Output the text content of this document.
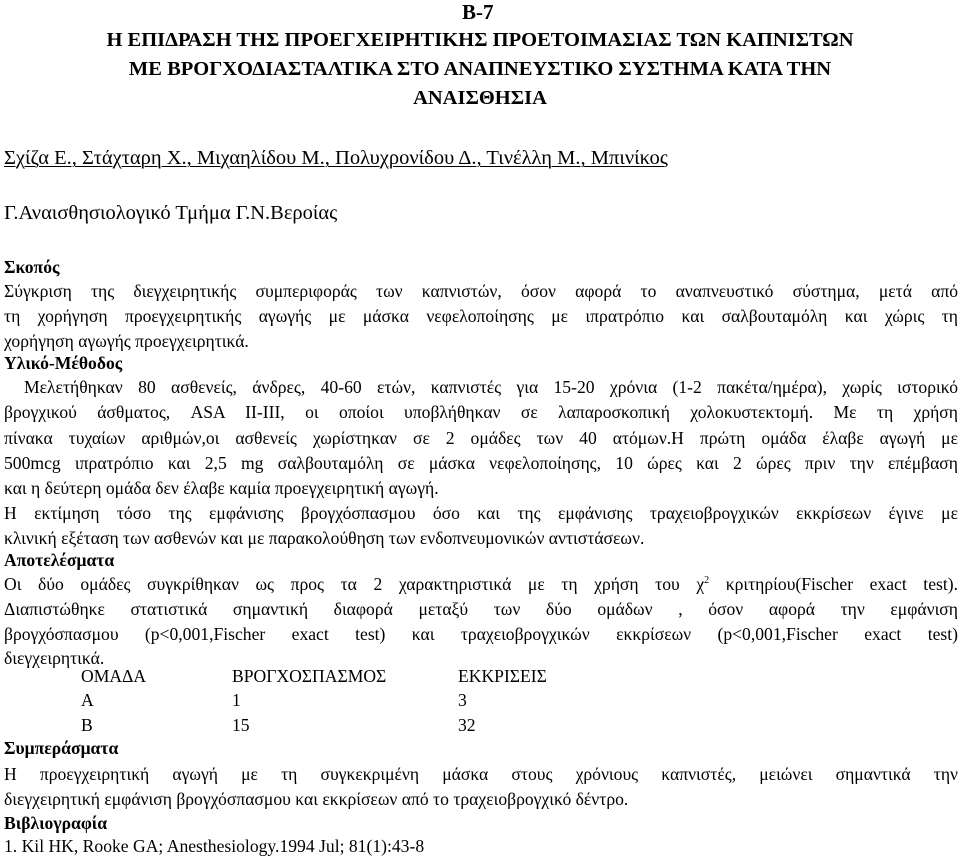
Β-7
Η ΕΠΙΔΡΑΣΗ ΤΗΣ ΠΡΟΕΓΧΕΙΡΗΤΙΚΗΣ ΠΡΟΕΤΟΙΜΑΣΙΑΣ ΤΩΝ ΚΑΠΝΙΣΤΩΝ
ΜΕ ΒΡΟΓΧΟΔΙΑΣΤΑΛΤΙΚΑ ΣΤΟ ΑΝΑΠΝΕΥΣΤΙΚΟ ΣΥΣΤΗΜΑ ΚΑΤΑ ΤΗΝ
ΑΝΑΙΣΘΗΣΙΑ
Σχίζα Ε., Στάχταρη Χ., Μιχαηλίδου Μ., Πολυχρονίδου Δ., Τινέλλη Μ., Μπινίκος
Γ.Αναισθησιολογικό Τμήμα Γ.Ν.Βεροίας
Σκοπός
Σύγκριση της διεγχειρητικής συμπεριφοράς των καπνιστών, όσον αφορά το αναπνευστικό σύστημα, μετά από
τη χορήγηση προεγχειρητικής αγωγής με μάσκα νεφελοποίησης με ιπρατρόπιο και σαλβουταμόλη και χώρις τη
χορήγηση αγωγής προεγχειρητικά.
Υλικό-Μέθοδος
Μελετήθηκαν 80 ασθενείς, άνδρες, 40-60 ετών, καπνιστές για 15-20 χρόνια (1-2 πακέτα/ημέρα), χωρίς ιστορικό
βρογχικού άσθματος, ASA II-III, οι οποίοι υποβλήθηκαν σε λαπαροσκοπική χολοκυστεκτομή. Με τη χρήση
πίνακα τυχαίων αριθμών,οι ασθενείς χωρίστηκαν σε 2 ομάδες των 40 ατόμων.Η πρώτη ομάδα έλαβε αγωγή με
500mcg ιπρατρόπιο και 2,5 mg σαλβουταμόλη σε μάσκα νεφελοποίησης, 10 ώρες και 2 ώρες πριν την επέμβαση
και η δεύτερη ομάδα δεν έλαβε καμία προεγχειρητική αγωγή.
Η εκτίμηση τόσο της εμφάνισης βρογχόσπασμου όσο και της εμφάνισης τραχειοβρογχικών εκκρίσεων έγινε με
κλινική εξέταση των ασθενών και με παρακολούθηση των ενδοπνευμονικών αντιστάσεων.
Αποτελέσματα
Οι δύο ομάδες συγκρίθηκαν ως προς τα 2 χαρακτηριστικά με τη χρήση του $\chi^2$ κριτηρίου(Fischer exact test).
Διαπιστώθηκε στατιστικά σημαντική διαφορά μεταξύ των δύο ομάδων , όσον αφορά την εμφάνιση
βρογχόσπασμου (p<0,001,Fischer exact test) και τραχειοβρογχικών εκκρίσεων (p<0,001,Fischer exact test)
διεγχειρητικά.
ΟΜΑΔΑ	ΒΡΟΓΧΟΣΠΑΣΜΟΣ	ΕΚΚΡΙΣΕΙΣ
Α	1	3
Β	15	32
Συμπεράσματα
Η προεγχειρητική αγωγή με τη συγκεκριμένη μάσκα στους χρόνιους καπνιστές, μειώνει σημαντικά την
διεγχειρητική εμφάνιση βρογχόσπασμου και εκκρίσεων από το τραχειοβρογχικό δέντρο.
Βιβλιογραφία
1. Kil HK, Rooke GA; Anesthesiology.1994 Jul; 81(1):43-8
